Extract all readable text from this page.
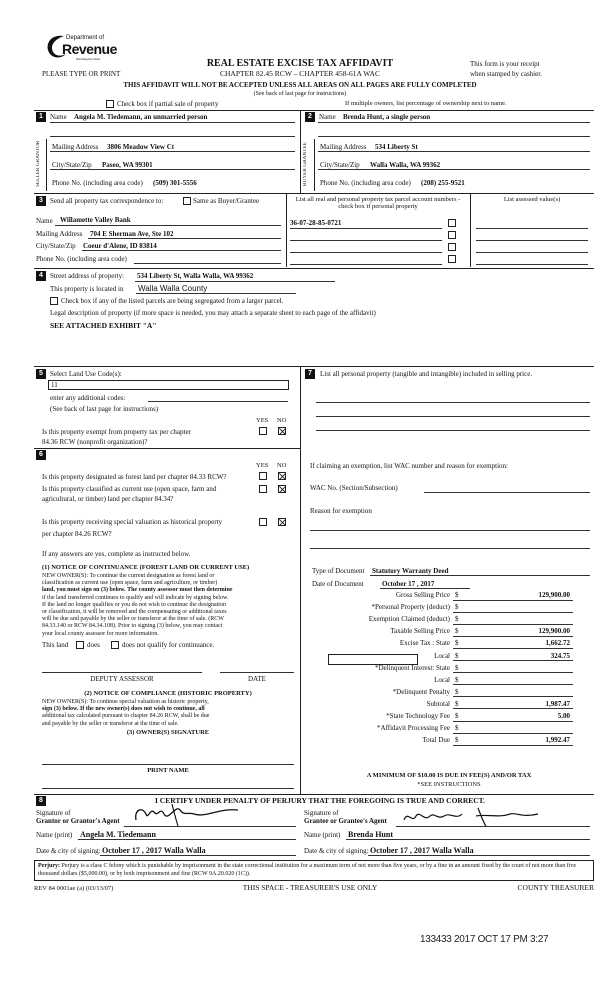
Department of
Revenue
Washington State
PLEASE TYPE OR PRINT
REAL ESTATE EXCISE TAX AFFIDAVIT
CHAPTER 82.45 RCW – CHAPTER 458-61A WAC
THIS AFFIDAVIT WILL NOT BE ACCEPTED UNLESS ALL AREAS ON ALL PAGES ARE FULLY COMPLETED
(See back of last page for instructions)
This form is your receipt
when stamped by cashier.
Check box if partial sale of property	If multiple owners, list percentage of ownership next to name.
1	Name Angela M. Tiedemann, an unmarried person
SELLER GRANTOR	Mailing Address 3806 Meadow View Ct
City/State/Zip Paseo, WA 99301
Phone No. (including area code) (509) 301-5556
2	Name Brenda Hunt, a single person
BUYER GRANTEE	Mailing Address 534 Liberty St
City/State/Zip Walla Walla, WA 99362
Phone No. (including area code) (208) 255-9521
3	Send all property tax correspondence to:	Same as Buyer/Grantee	List all real and personal property tax parcel account numbers - check box if personal property
List assessed value(s)
Name Willamette Valley Bank
Mailing Address 704 E Sherman Ave, Ste 102
City/State/Zip Coeur d'Alene, ID 83814
Phone No. (including area code)
36-07-28-85-0721
4	Street address of property: 534 Liberty St, Walla Walla, WA 99362
This property is located in Walla Walla County
Check box if any of the listed parcels are being segregated from a larger parcel.
Legal description of property (if more space is needed, you may attach a separate sheet to each page of the affidavit)
SEE ATTACHED EXHIBIT "A"
5	Select Land Use Code(s):
11
enter any additional codes:
(See back of last page for instructions)
YES NO
Is this property exempt from property tax per chapter
84.36 RCW (nonprofit organization)?
7	List all personal property (tangible and intangible) included in selling price.
6
YES NO
Is this property designated as forest land per chapter 84.33 RCW?
Is this property classified as current use (open space, farm and
agricultural, or timber) land per chapter 84.34?
Is this property receiving special valuation as historical property
per chapter 84.26 RCW?
If any answers are yes, complete as instructed below.
(1) NOTICE OF CONTINUANCE (FOREST LAND OR CURRENT USE)
NEW OWNER(S): To continue the current designation as forest land or
classification as current use (open space, farm and agriculture, or timber)
land, you must sign on (3) below. The county assessor must then determine
if the land transferred continues to qualify and will indicate by signing below.
If the land no longer qualifies or you do not wish to continue the designation
or classification, it will be removed and the compensating or additional taxes
will be due and payable by the seller or transferor at the time of sale. (RCW
84.33.140 or RCW 84.34.108). Prior to signing (3) below, you may contact
your local county assessor for more information.
This land	does	does not qualify for continuance.
DEPUTY ASSESSOR	DATE
(2) NOTICE OF COMPLIANCE (HISTORIC PROPERTY)
NEW OWNER(S): To continue special valuation as historic property,
sign (3) below. If the new owner(s) does not wish to continue, all
additional tax calculated pursuant to chapter 84.26 RCW, shall be due
and payable by the seller or transferor at the time of sale.
(3) OWNER(S) SIGNATURE
PRINT NAME
If claiming an exemption, list WAC number and reason for exemption:
WAC No. (Section/Subsection)
Reason for exemption
Type of Document Statutory Warranty Deed
Date of Document	October 17 , 2017
Gross Selling Price $	129,900.00
*Personal Property (deduct) $
Exemption Claimed (deduct) $
Taxable Selling Price $	129,900.00
Excise Tax : State $	1,662.72
Local $	324.75
*Delinquent Interest: State $
Local $
*Delinquent Penalty $
Subtotal $	1,987.47
*State Technology Fee $	5.00
*Affidavit Processing Fee $
Total Due $	1,992.47
A MINIMUM OF $10.00 IS DUE IN FEE(S) AND/OR TAX
*SEE INSTRUCTIONS
8	I CERTIFY UNDER PENALTY OF PERJURY THAT THE FOREGOING IS TRUE AND CORRECT.
Signature of
Grantor or Grantor's Agent
Name (print) Angela M. Tiedemann
Date & city of signing: October 17 , 2017 Walla Walla
Signature of
Grantee or Grantee's Agent
Name (print) Brenda Hunt
Date & city of signing: October 17 , 2017 Walla Walla
Perjury: Perjury is a class C felony which is punishable by imprisonment in the state correctional institution for a maximum term of not more than five years, or by a fine in an amount fixed by the court of not more than five thousand dollars ($5,000.00), or by both imprisonment and fine (RCW 9A.20.020 (1C)).
REV 84 0001ae (a) (03/13/07)	THIS SPACE - TREASURER'S USE ONLY	COUNTY TREASURER
133433 2017 OCT 17 PM 3:27
